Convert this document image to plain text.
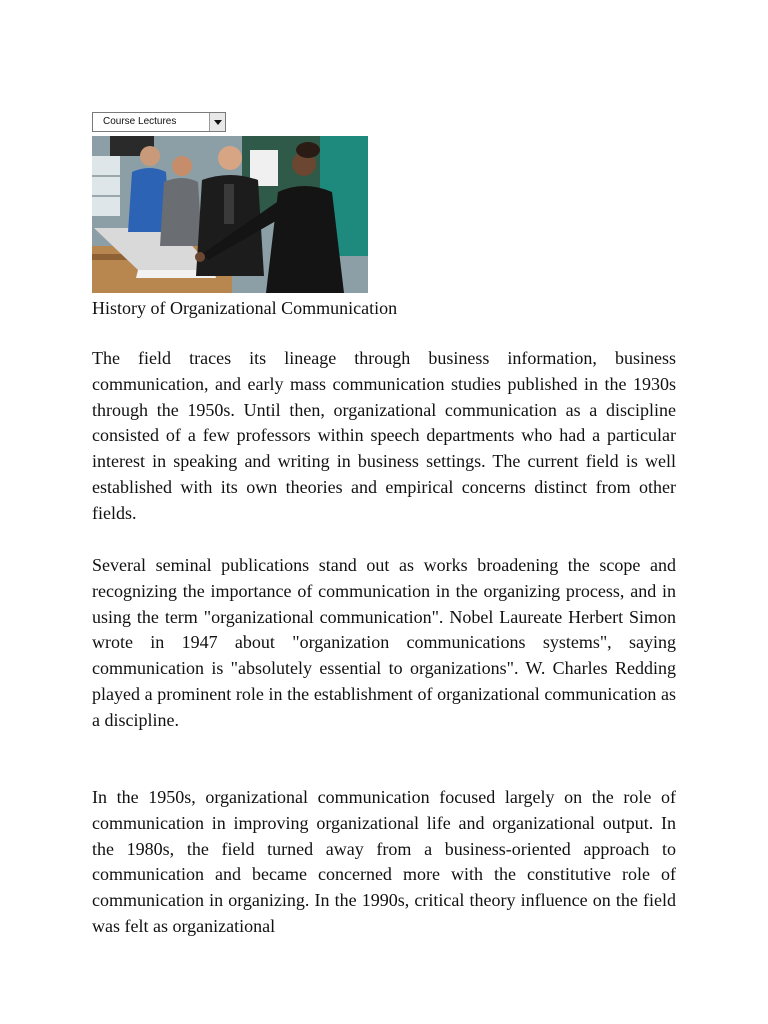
Course Lectures
History of Organizational Communication

The field traces its lineage through business information, business communication, and early mass communication studies published in the 1930s through the 1950s. Until then, organizational communication as a discipline consisted of a few professors within speech departments who had a particular interest in speaking and writing in business settings. The current field is well established with its own theories and empirical concerns distinct from other fields.

Several seminal publications stand out as works broadening the scope and recognizing the importance of communication in the organizing process, and in using the term "organizational communication". Nobel Laureate Herbert Simon wrote in 1947 about "organization communications systems", saying communication is "absolutely essential to organizations". W. Charles Redding played a prominent role in the establishment of organizational communication as a discipline.

In the 1950s, organizational communication focused largely on the role of communication in improving organizational life and organizational output. In the 1980s, the field turned away from a business-oriented approach to communication and became concerned more with the constitutive role of communication in organizing. In the 1990s, critical theory influence on the field was felt as organizational
